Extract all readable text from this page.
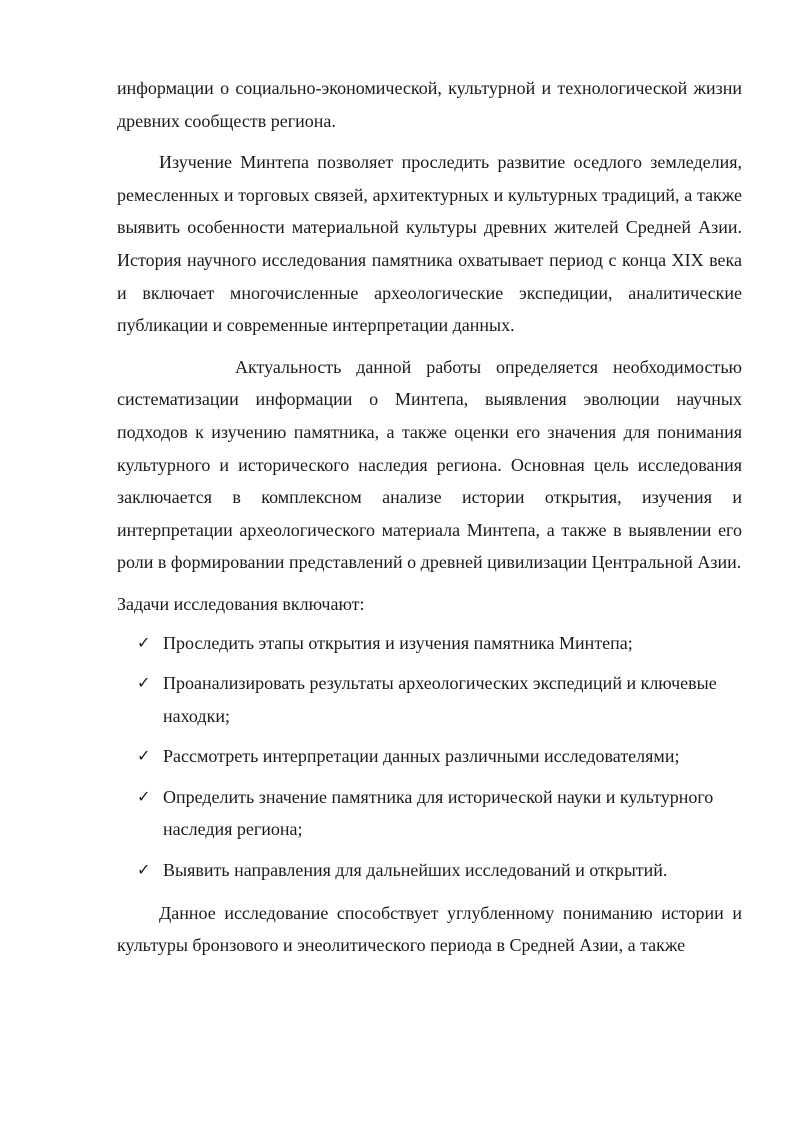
информации о социально-экономической, культурной и технологической жизни древних сообществ региона.

Изучение Минтепа позволяет проследить развитие оседлого земледелия, ремесленных и торговых связей, архитектурных и культурных традиций, а также выявить особенности материальной культуры древних жителей Средней Азии. История научного исследования памятника охватывает период с конца XIX века и включает многочисленные археологические экспедиции, аналитические публикации и современные интерпретации данных.

Актуальность данной работы определяется необходимостью систематизации информации о Минтепа, выявления эволюции научных подходов к изучению памятника, а также оценки его значения для понимания культурного и исторического наследия региона. Основная цель исследования заключается в комплексном анализе истории открытия, изучения и интерпретации археологического материала Минтепа, а также в выявлении его роли в формировании представлений о древней цивилизации Центральной Азии.

Задачи исследования включают:

✓ Проследить этапы открытия и изучения памятника Минтепа;
✓ Проанализировать результаты археологических экспедиций и ключевые находки;
✓ Рассмотреть интерпретации данных различными исследователями;
✓ Определить значение памятника для исторической науки и культурного наследия региона;
✓ Выявить направления для дальнейших исследований и открытий.

Данное исследование способствует углубленному пониманию истории и культуры бронзового и энеолитического периода в Средней Азии, а также
